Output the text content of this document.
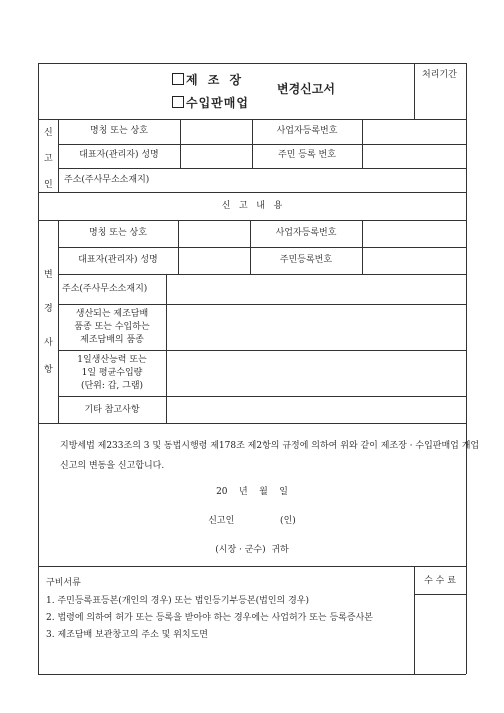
제 조 장
수입판매업
변경신고서
처리기간
신
고
인
명칭 또는 상호	사업자등록번호
대표자(관리자) 성명	주민 등록 번호
주소(주사무소소재지)
신   고   내   용
변
경
사
항
명칭 또는 상호	사업자등록번호
대표자(관리자) 성명	주민등록번호
주소(주사무소소재지)
생산되는 제조담배
품종 또는 수입하는
제조담배의 품종
1일생산능력 또는
1일 평균수입량
(단위: 갑, 그램)
기타 참고사항
지방세법 제233조의 3 및 동법시행령 제178조 제2항의 규정에 의하여 위와 같이 제조장 · 수입판매업 개업신고의 변동을 신고합니다.
20    년    월    일
신고인                (인)
(시장 · 군수)  귀하
구비서류
1. 주민등록표등본(개인의 경우) 또는 법인등기부등본(법인의 경우)
2. 법령에 의하여 허가 또는 등록을 받아야 하는 경우에는 사업허가 또는 등록증사본
3. 제조담배 보관창고의 주소 및 위치도면
수 수 료
